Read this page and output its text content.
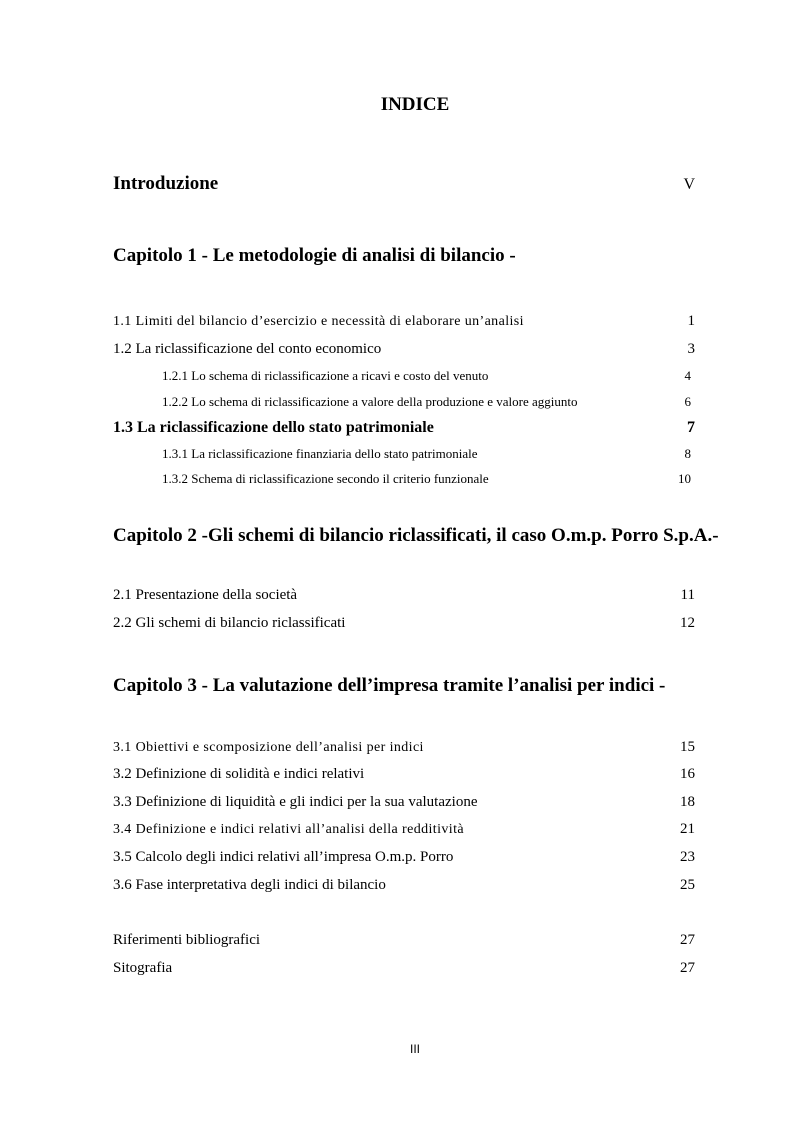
INDICE
Introduzione	V
Capitolo 1 - Le metodologie di analisi di bilancio -
1.1 Limiti del bilancio d’esercizio e necessità di elaborare un’analisi	1
1.2 La riclassificazione del conto economico	3
1.2.1 Lo schema di riclassificazione a ricavi e costo del venuto	4
1.2.2 Lo schema di riclassificazione a valore della produzione e valore aggiunto	6
1.3 La riclassificazione dello stato patrimoniale	7
1.3.1 La riclassificazione finanziaria dello stato patrimoniale	8
1.3.2 Schema di riclassificazione secondo il criterio funzionale	10
Capitolo 2 -Gli schemi di bilancio riclassificati, il caso O.m.p. Porro S.p.A.-
2.1 Presentazione della società	11
2.2 Gli schemi di bilancio riclassificati	12
Capitolo 3 - La valutazione dell’impresa tramite l’analisi per indici -
3.1 Obiettivi e scomposizione dell’analisi per indici	15
3.2 Definizione di solidità e indici relativi	16
3.3 Definizione di liquidità e gli indici per la sua valutazione	18
3.4 Definizione e indici relativi all’analisi della redditività	21
3.5 Calcolo degli indici relativi all’impresa O.m.p. Porro	23
3.6 Fase interpretativa degli indici di bilancio	25
Riferimenti bibliografici	27
Sitografia	27
III
